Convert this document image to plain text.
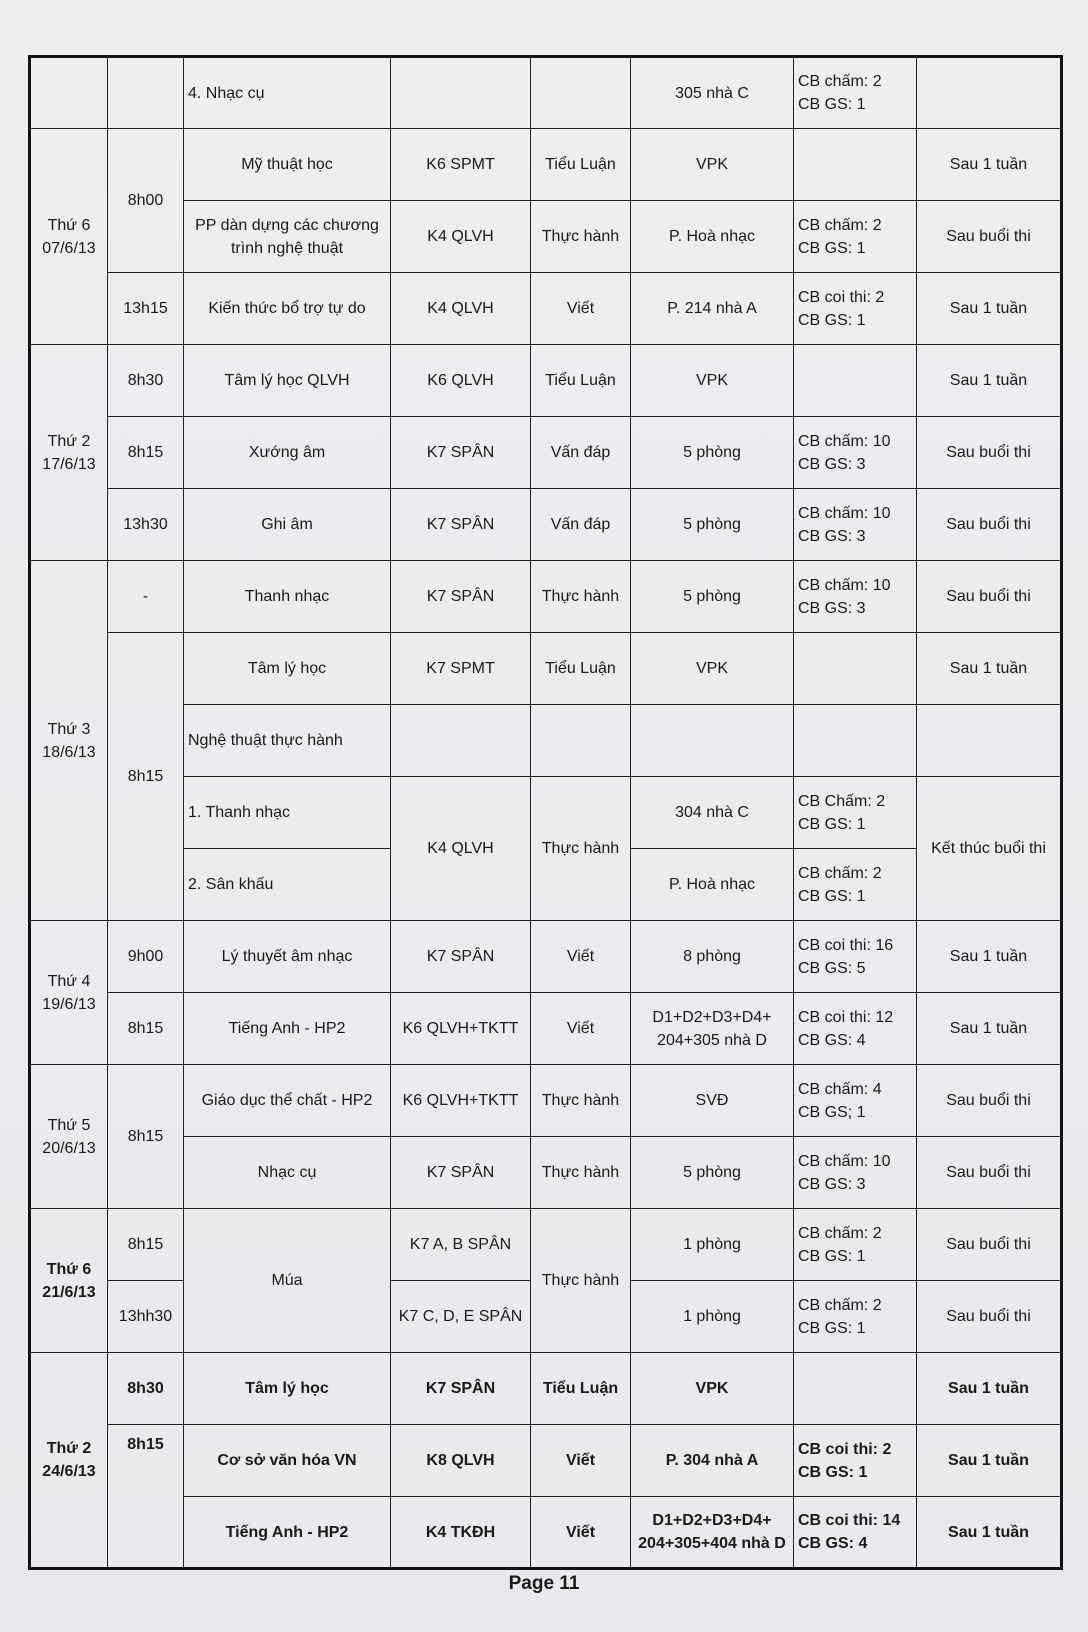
		4. Nhạc cụ			305 nhà C	CB chấm: 2
CB GS: 1	

Thứ 6
07/6/13	8h00	Mỹ thuật học	K6 SPMT	Tiểu Luận	VPK		Sau 1 tuần
		PP dàn dựng các chương trình nghệ thuật	K4 QLVH	Thực hành	P. Hoà nhạc	CB chấm: 2
CB GS: 1	Sau buổi thi
	13h15	Kiến thức bổ trợ tự do	K4 QLVH	Viết	P. 214 nhà A	CB coi thi: 2
CB GS: 1	Sau 1 tuần

Thứ 2
17/6/13	8h30	Tâm lý học QLVH	K6 QLVH	Tiểu Luận	VPK		Sau 1 tuần
	8h15	Xướng âm	K7 SPÂN	Vấn đáp	5 phòng	CB chấm: 10
CB GS: 3	Sau buổi thi
	13h30	Ghi âm	K7 SPÂN	Vấn đáp	5 phòng	CB chấm: 10
CB GS: 3	Sau buổi thi

Thứ 3
18/6/13	-	Thanh nhạc	K7 SPÂN	Thực hành	5 phòng	CB chấm: 10
CB GS: 3	Sau buổi thi
	8h15	Tâm lý học	K7 SPMT	Tiểu Luận	VPK		Sau 1 tuần
		Nghệ thuật thực hành					
		1. Thanh nhạc	K4 QLVH	Thực hành	304 nhà C	CB Chấm: 2
CB GS: 1	Kết thúc buổi thi
		2. Sân khấu			P. Hoà nhạc	CB chấm: 2
CB GS: 1	

Thứ 4
19/6/13	9h00	Lý thuyết âm nhạc	K7 SPÂN	Viết	8 phòng	CB coi thi: 16
CB GS: 5	Sau 1 tuần
	8h15	Tiếng Anh - HP2	K6 QLVH+TKTT	Viết	D1+D2+D3+D4+
204+305 nhà D	CB coi thi: 12
CB GS: 4	Sau 1 tuần

Thứ 5
20/6/13	8h15	Giáo dục thể chất - HP2	K6 QLVH+TKTT	Thực hành	SVĐ	CB chấm: 4
CB GS; 1	Sau buổi thi
		Nhạc cụ	K7 SPÂN	Thực hành	5 phòng	CB chấm: 10
CB GS: 3	Sau buổi thi

Thứ 6
21/6/13	8h15	Múa	K7 A, B SPÂN	Thực hành	1 phòng	CB chấm: 2
CB GS: 1	Sau buổi thi
	13hh30		K7 C, D, E SPÂN		1 phòng	CB chấm: 2
CB GS: 1	Sau buổi thi

Thứ 2
24/6/13	8h30	Tâm lý học	K7 SPÂN	Tiểu Luận	VPK		Sau 1 tuần
	8h15	Cơ sở văn hóa VN	K8 QLVH	Viết	P. 304 nhà A	CB coi thi: 2
CB GS: 1	Sau 1 tuần
		Tiếng Anh - HP2	K4 TKĐH	Viết	D1+D2+D3+D4+
204+305+404 nhà D	CB coi thi: 14
CB GS: 4	Sau 1 tuần
Page 11
